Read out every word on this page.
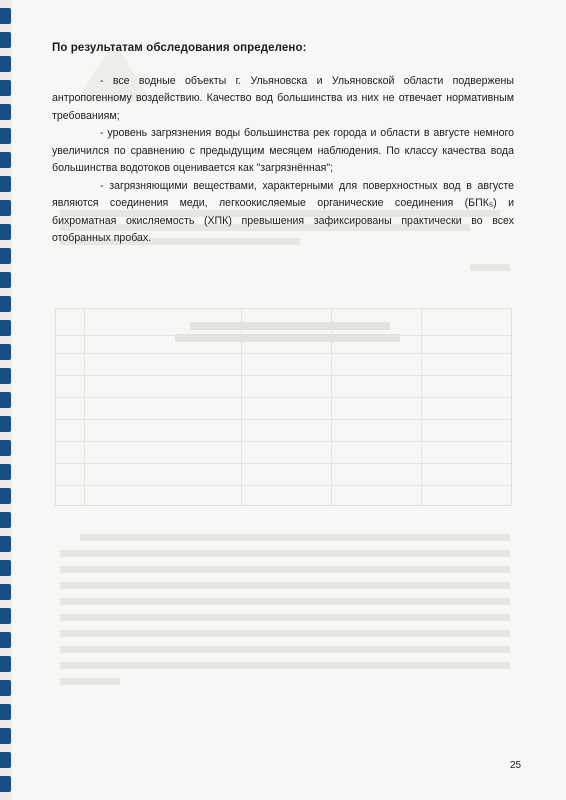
По результатам обследования определено:

- все водные объекты г. Ульяновска и Ульяновской области подвержены антропогенному воздействию. Качество вод большинства из них не отвечает нормативным требованиям;

- уровень загрязнения воды большинства рек города и области в августе немного увеличился по сравнению с предыдущим месяцем наблюдения. По классу качества вода большинства водотоков оценивается как "загрязнённая";

- загрязняющими веществами, характерными для поверхностных вод в августе являются соединения меди, легкоокисляемые органические соединения (БПК₅) и бихроматная окисляемость (ХПК) превышения зафиксированы практически во всех отобранных пробах.

25
